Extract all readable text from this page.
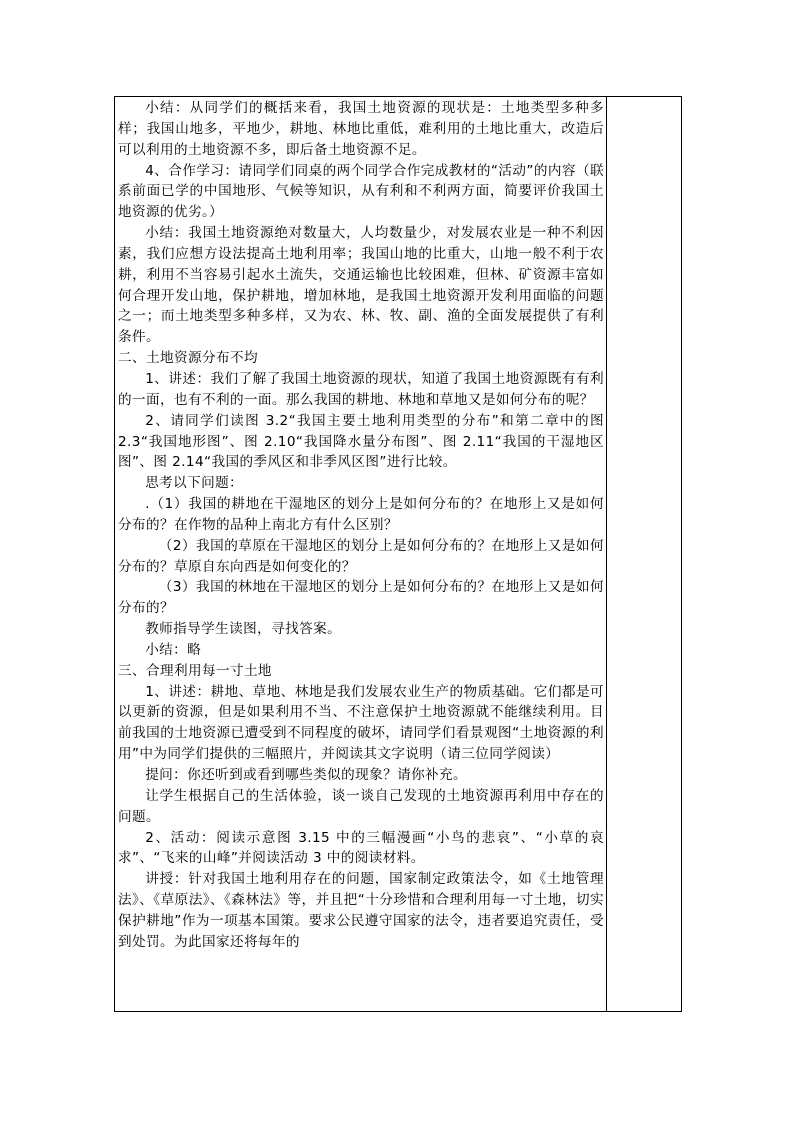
小结：从同学们的概括来看，我国土地资源的现状是：土地类型多种多样；我国山地多，平地少，耕地、林地比重低，难利用的土地比重大，改造后可以利用的土地资源不多，即后备土地资源不足。

4、合作学习：请同学们同桌的两个同学合作完成教材的“活动”的内容（联系前面已学的中国地形、气候等知识，从有利和不利两方面，简要评价我国土地资源的优劣。）

小结：我国土地资源绝对数量大，人均数量少，对发展农业是一种不利因素，我们应想方设法提高土地利用率；我国山地的比重大，山地一般不利于农耕，利用不当容易引起水土流失，交通运输也比较困难，但林、矿资源丰富如何合理开发山地，保护耕地，增加林地，是我国土地资源开发利用面临的问题之一；而土地类型多种多样，又为农、林、牧、副、渔的全面发展提供了有利条件。

二、土地资源分布不均

1、讲述：我们了解了我国土地资源的现状，知道了我国土地资源既有有利的一面，也有不利的一面。那么我国的耕地、林地和草地又是如何分布的呢？

2、请同学们读图 3.2“我国主要土地利用类型的分布”和第二章中的图 2.3“我国地形图”、图 2.10“我国降水量分布图”、图 2.11“我国的干湿地区图”、图 2.14“我国的季风区和非季风区图”进行比较。

思考以下问题：

.（1）我国的耕地在干湿地区的划分上是如何分布的？在地形上又是如何分布的？在作物的品种上南北方有什么区别？

（2）我国的草原在干湿地区的划分上是如何分布的？在地形上又是如何分布的？草原自东向西是如何变化的？

（3）我国的林地在干湿地区的划分上是如何分布的？在地形上又是如何分布的？

教师指导学生读图，寻找答案。

小结：略

三、合理利用每一寸土地

1、讲述：耕地、草地、林地是我们发展农业生产的物质基础。它们都是可以更新的资源，但是如果利用不当、不注意保护土地资源就不能继续利用。目前我国的士地资源已遭受到不同程度的破坏，请同学们看景观图“土地资源的利用”中为同学们提供的三幅照片，并阅读其文字说明（请三位同学阅读）

提问：你还听到或看到哪些类似的现象？请你补充。

让学生根据自己的生活体验，谈一谈自己发现的土地资源再利用中存在的问题。

2、活动：阅读示意图 3.15 中的三幅漫画“小鸟的悲哀”、“小草的哀求”、“飞来的山峰”并阅读活动 3 中的阅读材料。

讲授：针对我国土地利用存在的问题，国家制定政策法令，如《土地管理法》、《草原法》、《森林法》等，并且把“十分珍惜和合理利用每一寸土地，切实保护耕地”作为一项基本国策。要求公民遵守国家的法令，违者要追究责任，受到处罚。为此国家还将每年的
